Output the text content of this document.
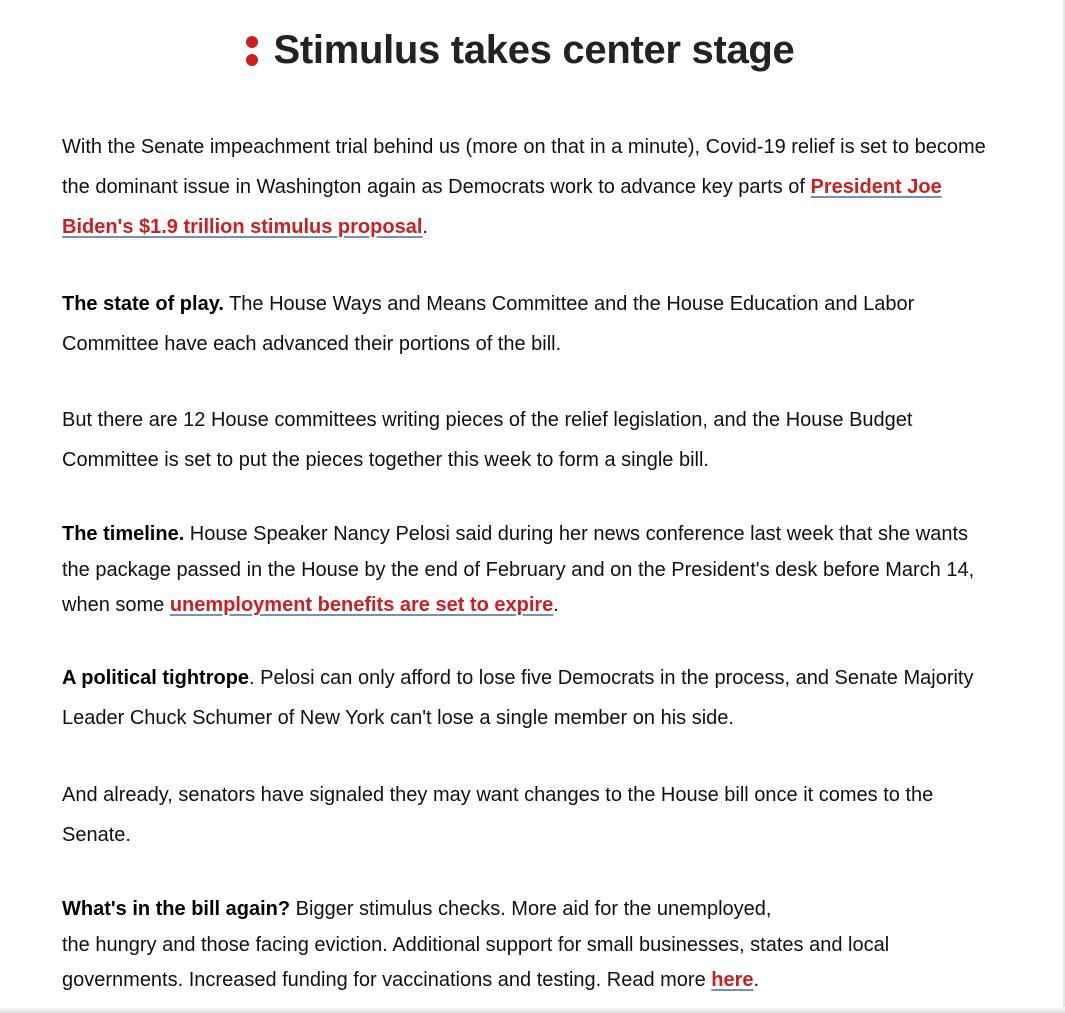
Stimulus takes center stage

With the Senate impeachment trial behind us (more on that in a minute), Covid-19 relief is set to become the dominant issue in Washington again as Democrats work to advance key parts of President Joe Biden's $1.9 trillion stimulus proposal.

The state of play. The House Ways and Means Committee and the House Education and Labor Committee have each advanced their portions of the bill.

But there are 12 House committees writing pieces of the relief legislation, and the House Budget Committee is set to put the pieces together this week to form a single bill.

The timeline. House Speaker Nancy Pelosi said during her news conference last week that she wants the package passed in the House by the end of February and on the President's desk before March 14, when some unemployment benefits are set to expire.

A political tightrope. Pelosi can only afford to lose five Democrats in the process, and Senate Majority Leader Chuck Schumer of New York can't lose a single member on his side.

And already, senators have signaled they may want changes to the House bill once it comes to the Senate.

What's in the bill again? Bigger stimulus checks. More aid for the unemployed,
the hungry and those facing eviction. Additional support for small businesses, states and local governments. Increased funding for vaccinations and testing. Read more here.
